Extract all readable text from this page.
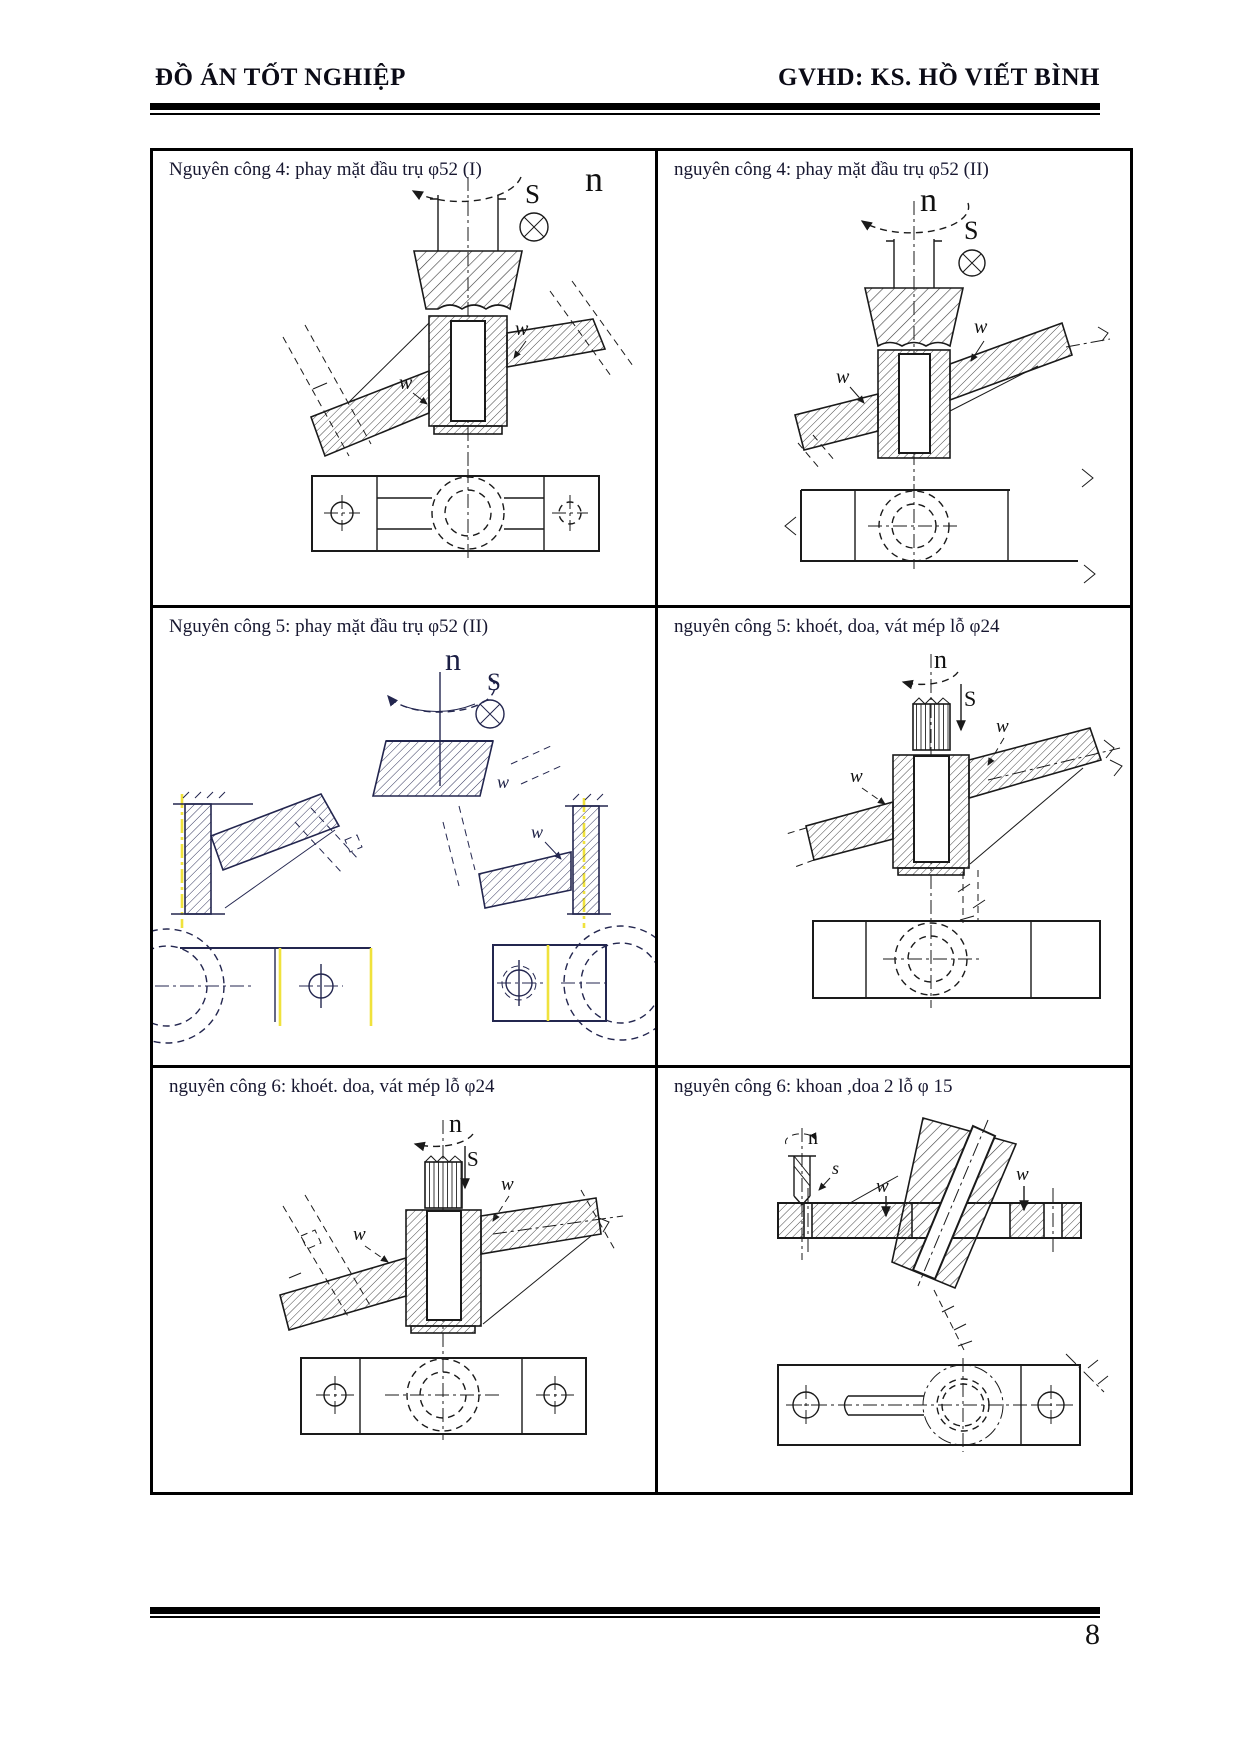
ĐỒ ÁN TỐT NGHIỆP	GVHD: KS. HỒ VIẾT BÌNH
Nguyên công 4: phay mặt đầu trụ φ52 (I)	n
S
w
w
nguyên công 4: phay mặt đầu trụ φ52 (II)
n
S
w
w
Nguyên công 5: phay mặt đầu trụ φ52 (II)
n
S
w
w
nguyên công 5: khoét, doa, vát mép lỗ φ24
n
S
w
w
nguyên công 6: khoét. doa, vát mép lỗ φ24
n
S
w
w
nguyên công 6: khoan ,doa 2 lỗ φ 15
n
s
w
w
8
